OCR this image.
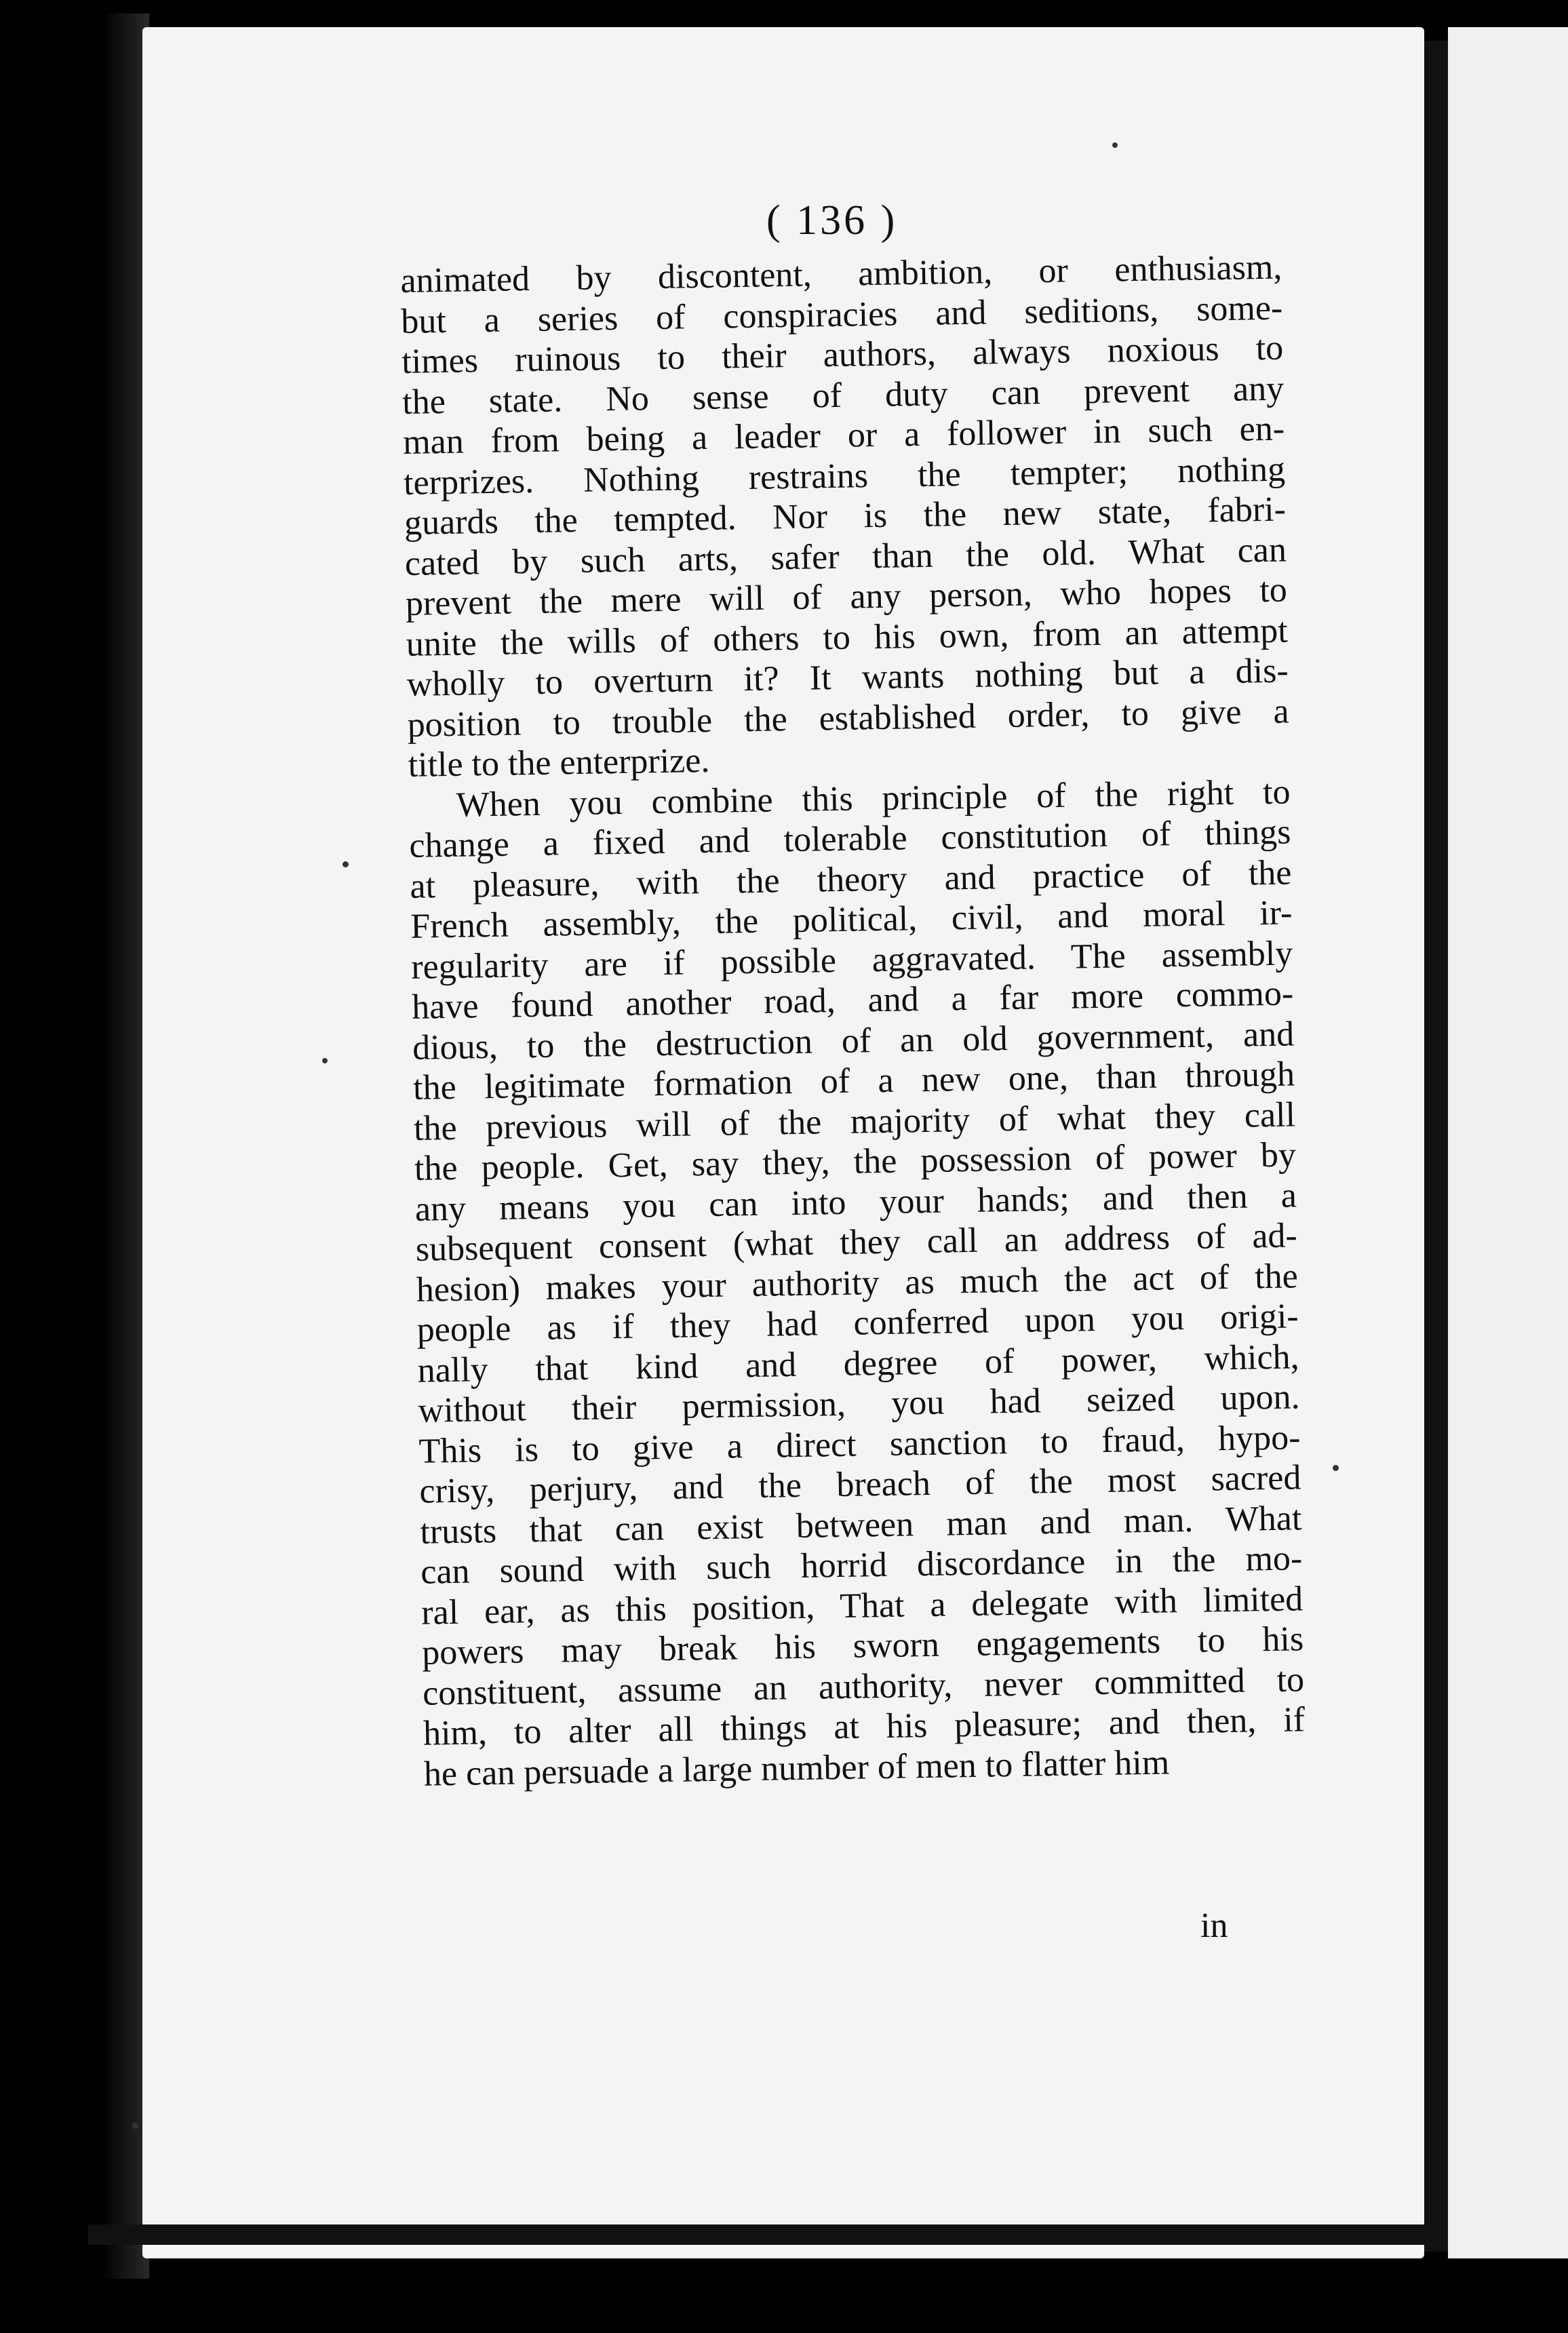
( 136 )
animated by discontent, ambition, or enthusiasm,
but a series of conspiracies and seditions, some-
times ruinous to their authors, always noxious to
the state. No sense of duty can prevent any
man from being a leader or a follower in such en-
terprizes. Nothing restrains the tempter; nothing
guards the tempted. Nor is the new state, fabri-
cated by such arts, safer than the old. What can
prevent the mere will of any person, who hopes to
unite the wills of others to his own, from an attempt
wholly to overturn it? It wants nothing but a dis-
position to trouble the established order, to give a
title to the enterprize.
When you combine this principle of the right to
change a fixed and tolerable constitution of things
at pleasure, with the theory and practice of the
French assembly, the political, civil, and moral ir-
regularity are if possible aggravated. The assembly
have found another road, and a far more commo-
dious, to the destruction of an old government, and
the legitimate formation of a new one, than through
the previous will of the majority of what they call
the people. Get, say they, the possession of power by
any means you can into your hands; and then a
subsequent consent (what they call an address of ad-
hesion) makes your authority as much the act of the
people as if they had conferred upon you origi-
nally that kind and degree of power, which,
without their permission, you had seized upon.
This is to give a direct sanction to fraud, hypo-
crisy, perjury, and the breach of the most sacred
trusts that can exist between man and man. What
can sound with such horrid discordance in the mo-
ral ear, as this position, That a delegate with limited
powers may break his sworn engagements to his
constituent, assume an authority, never committed to
him, to alter all things at his pleasure; and then, if
he can persuade a large number of men to flatter him
in
